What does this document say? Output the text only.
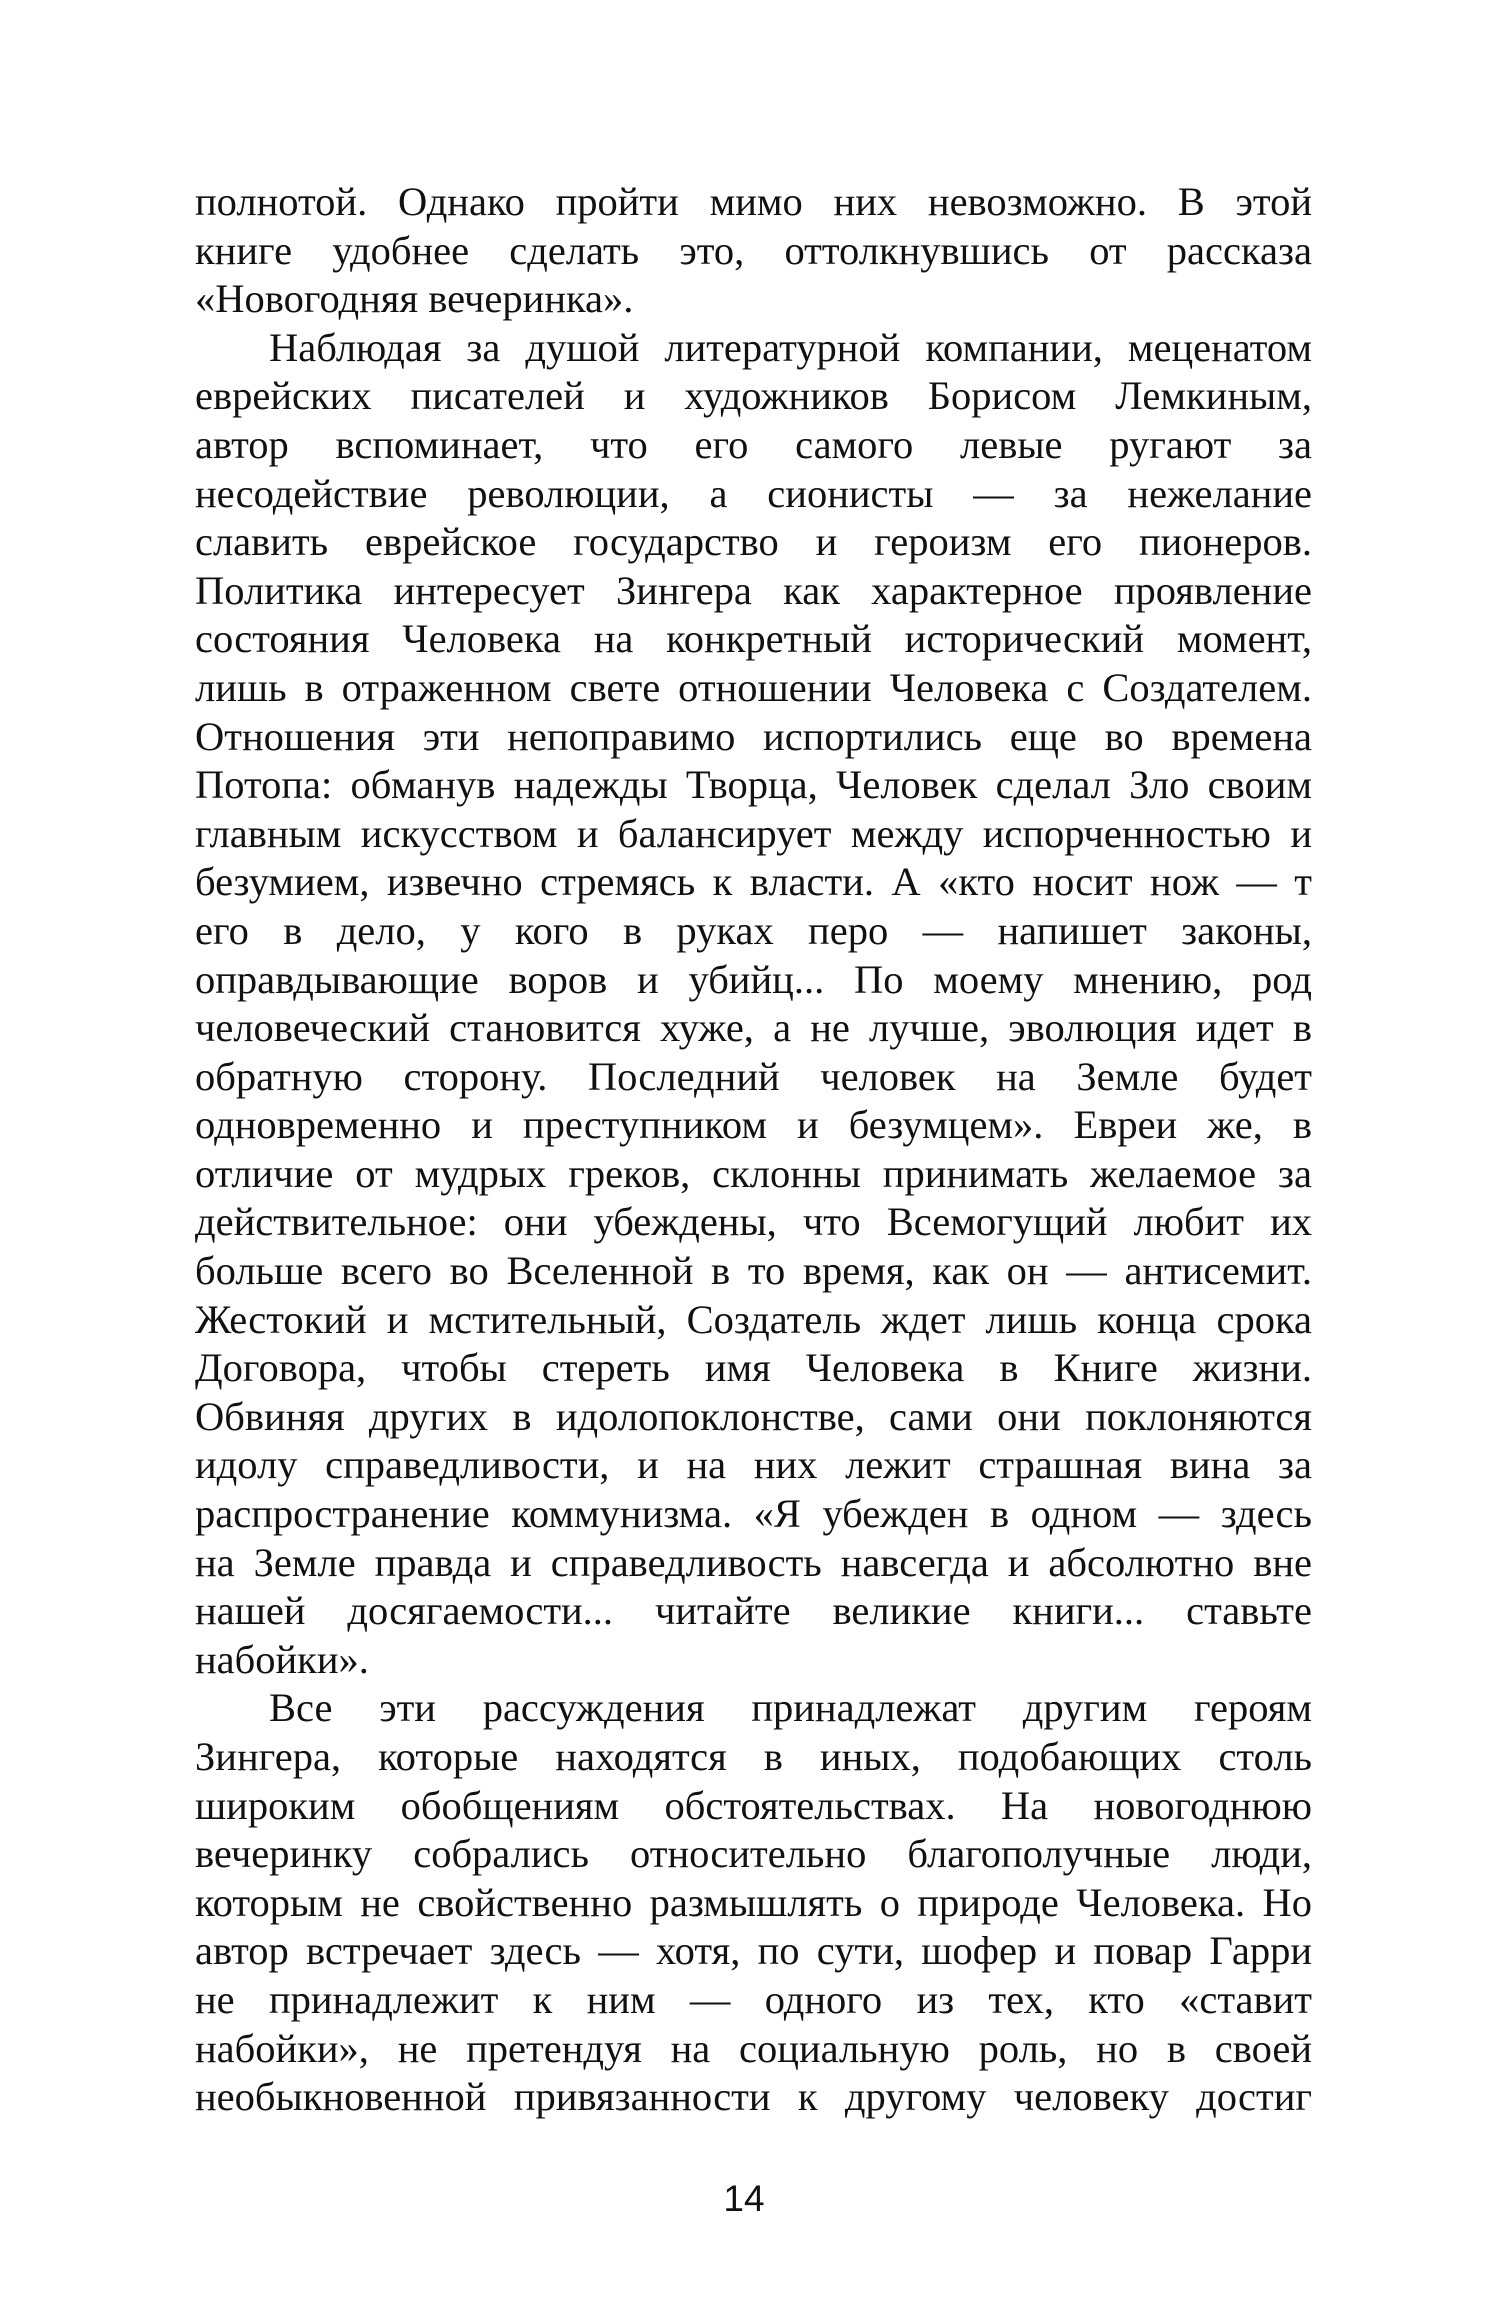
полнотой. Однако пройти мимо них невозможно. В этой
книге удобнее сделать это, оттолкнувшись от рассказа
«Новогодняя вечеринка».
Наблюдая за душой литературной компании, меценатом
еврейских писателей и художников Борисом Лемкиным,
автор вспоминает, что его самого левые ругают за
несодействие революции, а сионисты — за нежелание
славить еврейское государство и героизм его пионеров.
Политика интересует Зингера как характерное проявление
состояния Человека на конкретный исторический момент,
лишь в отраженном свете отношении Человека с Создателем.
Отношения эти непоправимо испортились еще во времена
Потопа: обманув надежды Творца, Человек сделал Зло своим
главным искусством и балансирует между испорченностью и
безумием, извечно стремясь к власти. А «кто носит нож — т
его в дело, у кого в руках перо — напишет законы,
оправдывающие воров и убийц... По моему мнению, род
человеческий становится хуже, а не лучше, эволюция идет в
обратную сторону. Последний человек на Земле будет
одновременно и преступником и безумцем». Евреи же, в
отличие от мудрых греков, склонны принимать желаемое за
действительное: они убеждены, что Всемогущий любит их
больше всего во Вселенной в то время, как он — антисемит.
Жестокий и мстительный, Создатель ждет лишь конца срока
Договора, чтобы стереть имя Человека в Книге жизни.
Обвиняя других в идолопоклонстве, сами они поклоняются
идолу справедливости, и на них лежит страшная вина за
распространение коммунизма. «Я убежден в одном — здесь
на Земле правда и справедливость навсегда и абсолютно вне
нашей досягаемости... читайте великие книги... ставьте
набойки».
Все эти рассуждения принадлежат другим героям
Зингера, которые находятся в иных, подобающих столь
широким обобщениям обстоятельствах. На новогоднюю
вечеринку собрались относительно благополучные люди,
которым не свойственно размышлять о природе Человека. Но
автор встречает здесь — хотя, по сути, шофер и повар Гарри
не принадлежит к ним — одного из тех, кто «ставит
набойки», не претендуя на социальную роль, но в своей
необыкновенной привязанности к другому человеку достиг
14
